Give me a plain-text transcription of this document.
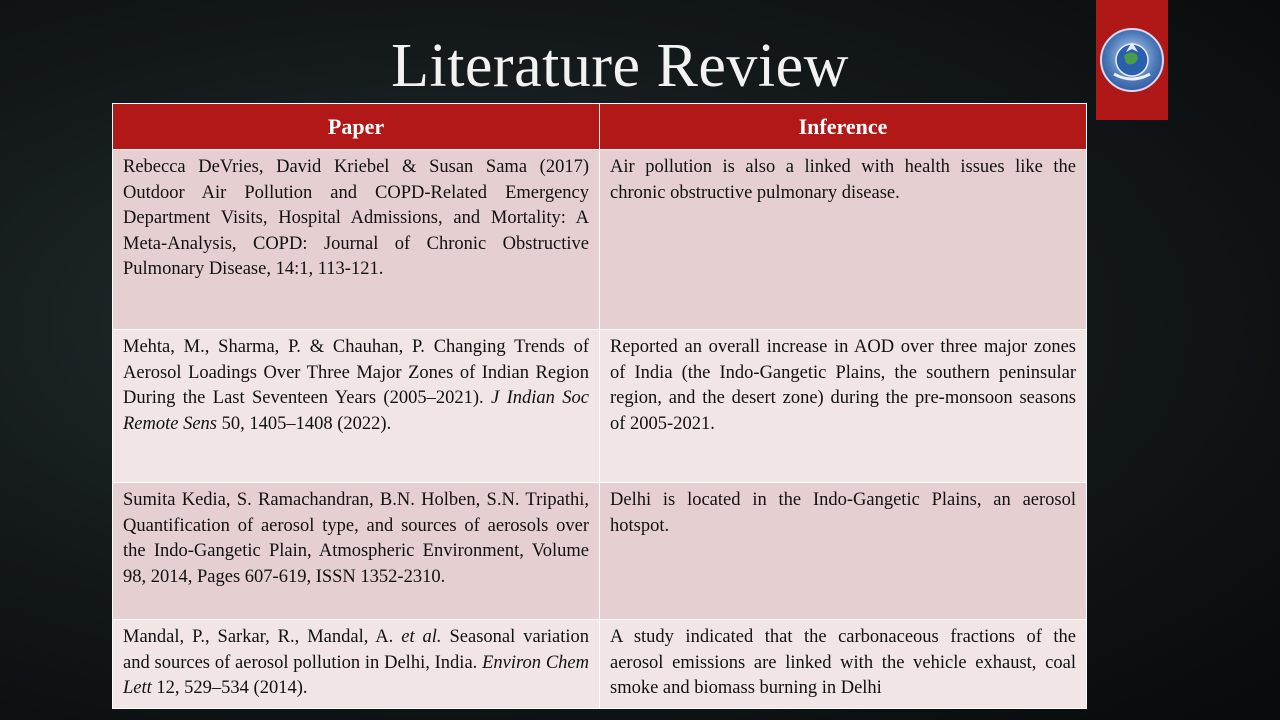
Literature Review
Paper	Inference
Rebecca DeVries, David Kriebel & Susan Sama (2017) Outdoor Air Pollution and COPD-Related Emergency Department Visits, Hospital Admissions, and Mortality: A Meta-Analysis, COPD: Journal of Chronic Obstructive Pulmonary Disease, 14:1, 113-121.	Air pollution is also a linked with health issues like the chronic obstructive pulmonary disease.
Mehta, M., Sharma, P. & Chauhan, P. Changing Trends of Aerosol Loadings Over Three Major Zones of Indian Region During the Last Seventeen Years (2005–2021). J Indian Soc Remote Sens 50, 1405–1408 (2022).	Reported an overall increase in AOD over three major zones of India (the Indo-Gangetic Plains, the southern peninsular region, and the desert zone) during the pre-monsoon seasons of 2005-2021.
Sumita Kedia, S. Ramachandran, B.N. Holben, S.N. Tripathi, Quantification of aerosol type, and sources of aerosols over the Indo-Gangetic Plain, Atmospheric Environment, Volume 98, 2014, Pages 607-619, ISSN 1352-2310.	Delhi is located in the Indo-Gangetic Plains, an aerosol hotspot.
Mandal, P., Sarkar, R., Mandal, A. et al. Seasonal variation and sources of aerosol pollution in Delhi, India. Environ Chem Lett 12, 529–534 (2014).	A study indicated that the carbonaceous fractions of the aerosol emissions are linked with the vehicle exhaust, coal smoke and biomass burning in Delhi
